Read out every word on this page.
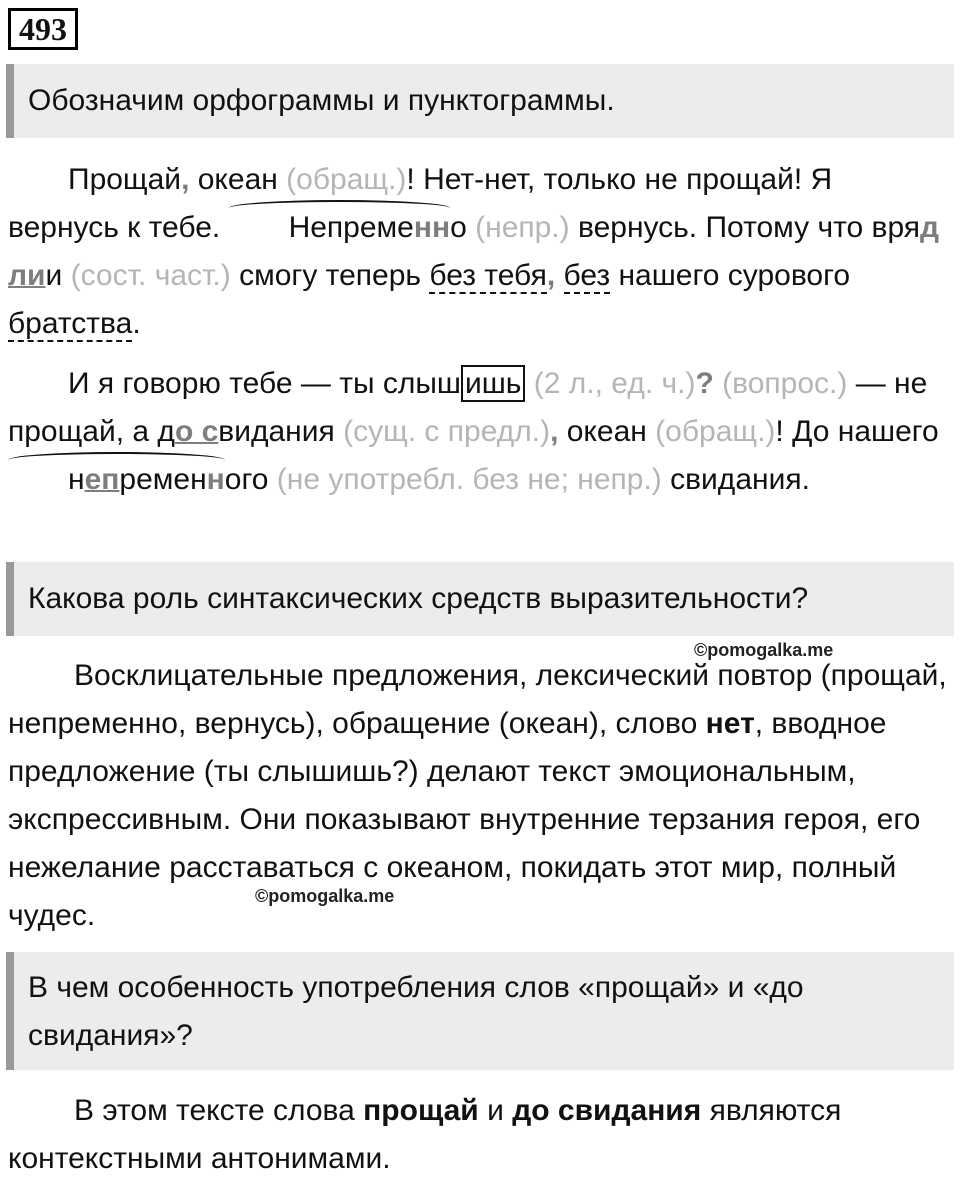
493
Обозначим орфограммы и пунктограммы.
Прощай, океан (обращ.)! Нет-нет, только не прощай! Я вернусь к тебе. Непременно (непр.) вернусь. Потому что вряд лии (сост. част.) смогу теперь без тебя, без нашего сурового братства.
И я говорю тебе — ты слыш ишь (2 л., ед. ч.)? (вопрос.) — не прощай, а до свидания (сущ. с предл.), океан (обращ.)! До нашего непременного (не употребл. без не; непр.) свидания.
Какова роль синтаксических средств выразительности?
©pomogalka.me
Восклицательные предложения, лексический повтор (прощай, непременно, вернусь), обращение (океан), слово нет, вводное предложение (ты слышишь?) делают текст эмоциональным, экспрессивным. Они показывают внутренние терзания героя, его нежелание расставаться с океаном, покидать этот мир, полный чудес.
©pomogalka.me
В чем особенность употребления слов «прощай» и «до свидания»?
В этом тексте слова прощай и до свидания являются контекстными антонимами.
